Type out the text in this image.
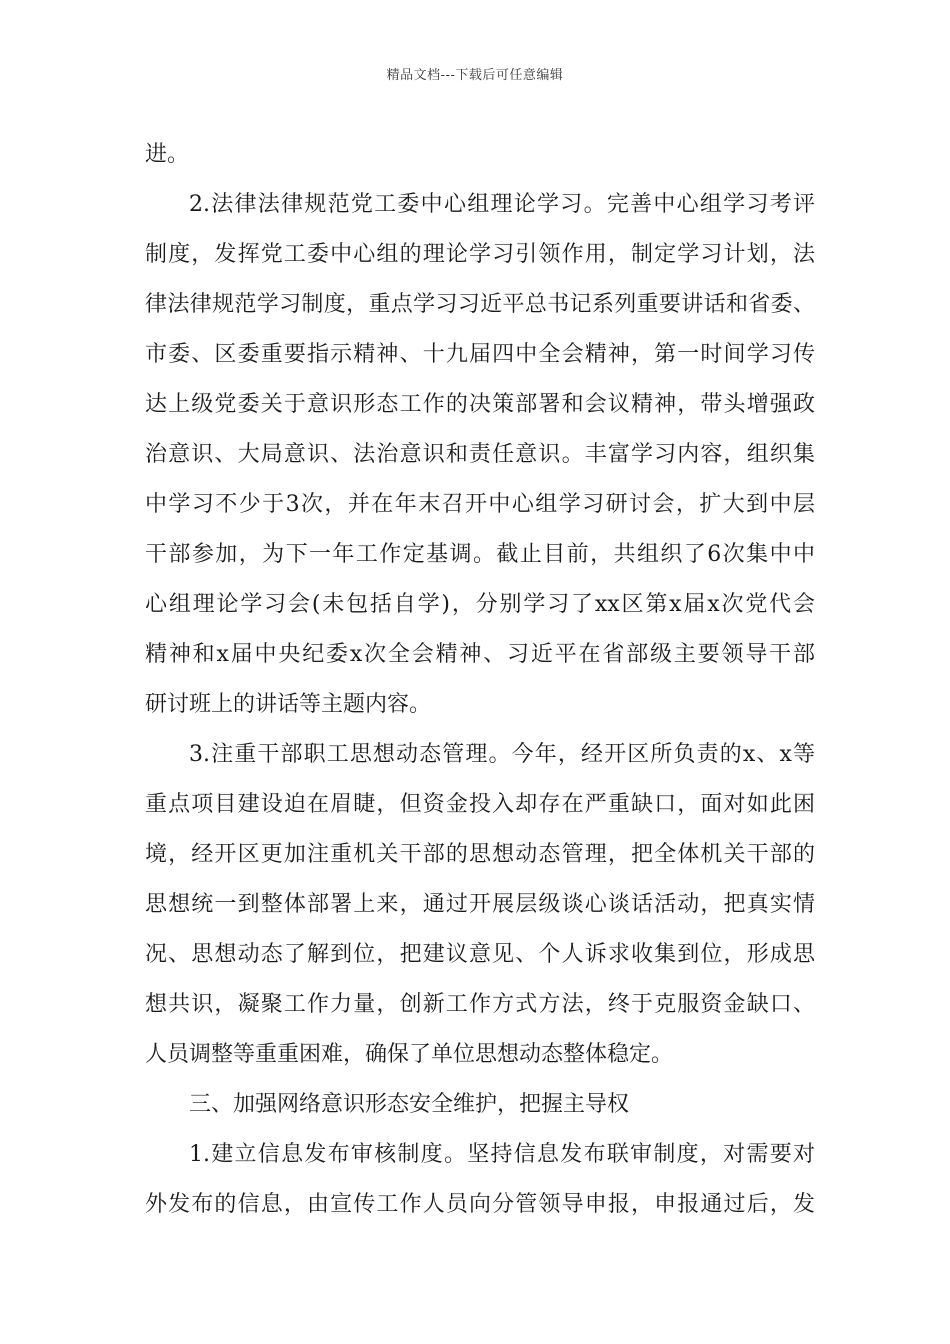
精品文档---下载后可任意编辑
进。
2.法律法律规范党工委中心组理论学习。完善中心组学习考评
制度，发挥党工委中心组的理论学习引领作用，制定学习计划，法
律法律规范学习制度，重点学习习近平总书记系列重要讲话和省委、
市委、区委重要指示精神、十九届四中全会精神，第一时间学习传
达上级党委关于意识形态工作的决策部署和会议精神，带头增强政
治意识、大局意识、法治意识和责任意识。丰富学习内容，组织集
中学习不少于3次，并在年末召开中心组学习研讨会，扩大到中层
干部参加，为下一年工作定基调。截止目前，共组织了6次集中中
心组理论学习会(未包括自学)，分别学习了xx区第x届x次党代会
精神和x届中央纪委x次全会精神、习近平在省部级主要领导干部
研讨班上的讲话等主题内容。
3.注重干部职工思想动态管理。今年，经开区所负责的x、x等
重点项目建设迫在眉睫，但资金投入却存在严重缺口，面对如此困
境，经开区更加注重机关干部的思想动态管理，把全体机关干部的
思想统一到整体部署上来，通过开展层级谈心谈话活动，把真实情
况、思想动态了解到位，把建议意见、个人诉求收集到位，形成思
想共识，凝聚工作力量，创新工作方式方法，终于克服资金缺口、
人员调整等重重困难，确保了单位思想动态整体稳定。
三、加强网络意识形态安全维护，把握主导权
1.建立信息发布审核制度。坚持信息发布联审制度，对需要对
外发布的信息，由宣传工作人员向分管领导申报，申报通过后，发
